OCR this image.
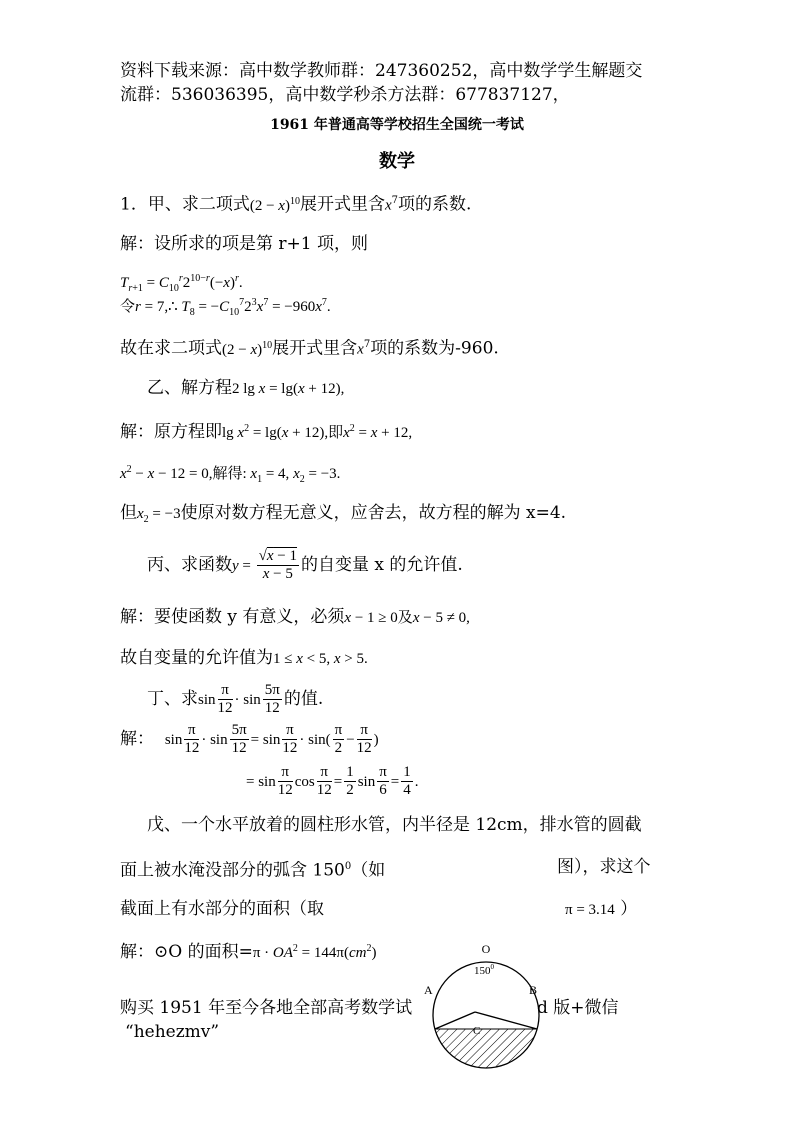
资料下载来源：高中数学教师群：247360252，高中数学学生解题交
流群：536036395，高中数学秒杀方法群：677837127，
1961 年普通高等学校招生全国统一考试
数学
1．甲、求二项式$(2 - x)^{10}$展开式里含$x^7$项的系数.
解：设所求的项是第 r+1 项，则
$T_{r+1} = C_{10}^r2^{10-r}(-x)^r$.
令r = 7,∴ $T_8 = -C_{10}^72^3x^7 = -960x^7$.
故在求二项式$(2 - x)^{10}$展开式里含$x^7$项的系数为-960.
乙、解方程2 lg x = lg(x + 12),
解：原方程即$\lg x^2 = \lg(x + 12)$,即$x^2 = x + 12$,
$x^2 - x - 12 = 0$,解得: $x_1 = 4$, $x_2 = -3$.
但$x_2 = -3$使原对数方程无意义，应舍去，故方程的解为 x=4.
丙、求函数$y = \frac{√x - 1}{x - 5}$ 的自变量 x 的允许值.
解：要使函数 y 有意义，必须x − 1 ≥ 0及x − 5 ≠ 0,
故自变量的允许值为1 ≤ x < 5, x > 5.
丁、求$\sin \frac{\pi}{12} \cdot \sin \frac{5\pi}{12}$ 的值.
解： $\sin \frac{\pi}{12} \cdot \sin \frac{5\pi}{12} = \sin \frac{\pi}{12} \cdot \sin( \frac{\pi}{2} - \frac{\pi}{12}$ )
= $\sin \frac{\pi}{12}$ $\cos \frac{\pi}{12} = \frac{1}{2}$ $\sin \frac{\pi}{6} = \frac{1}{4}$ .
戊、一个水平放着的圆柱形水管，内半径是 12cm，排水管的圆截
面上被水淹没部分的弧含 $150^0$（如	图），求这个
截面上有水部分的面积（取	π = 3.14 ）
解：⊙O 的面积$=\pi \cdot OA^2 = 144\pi(cm^2)$	O
A	B
C
$150^0$
购买 1951 年至今各地全部高考数学试	d 版+微信
“hehezmv”
